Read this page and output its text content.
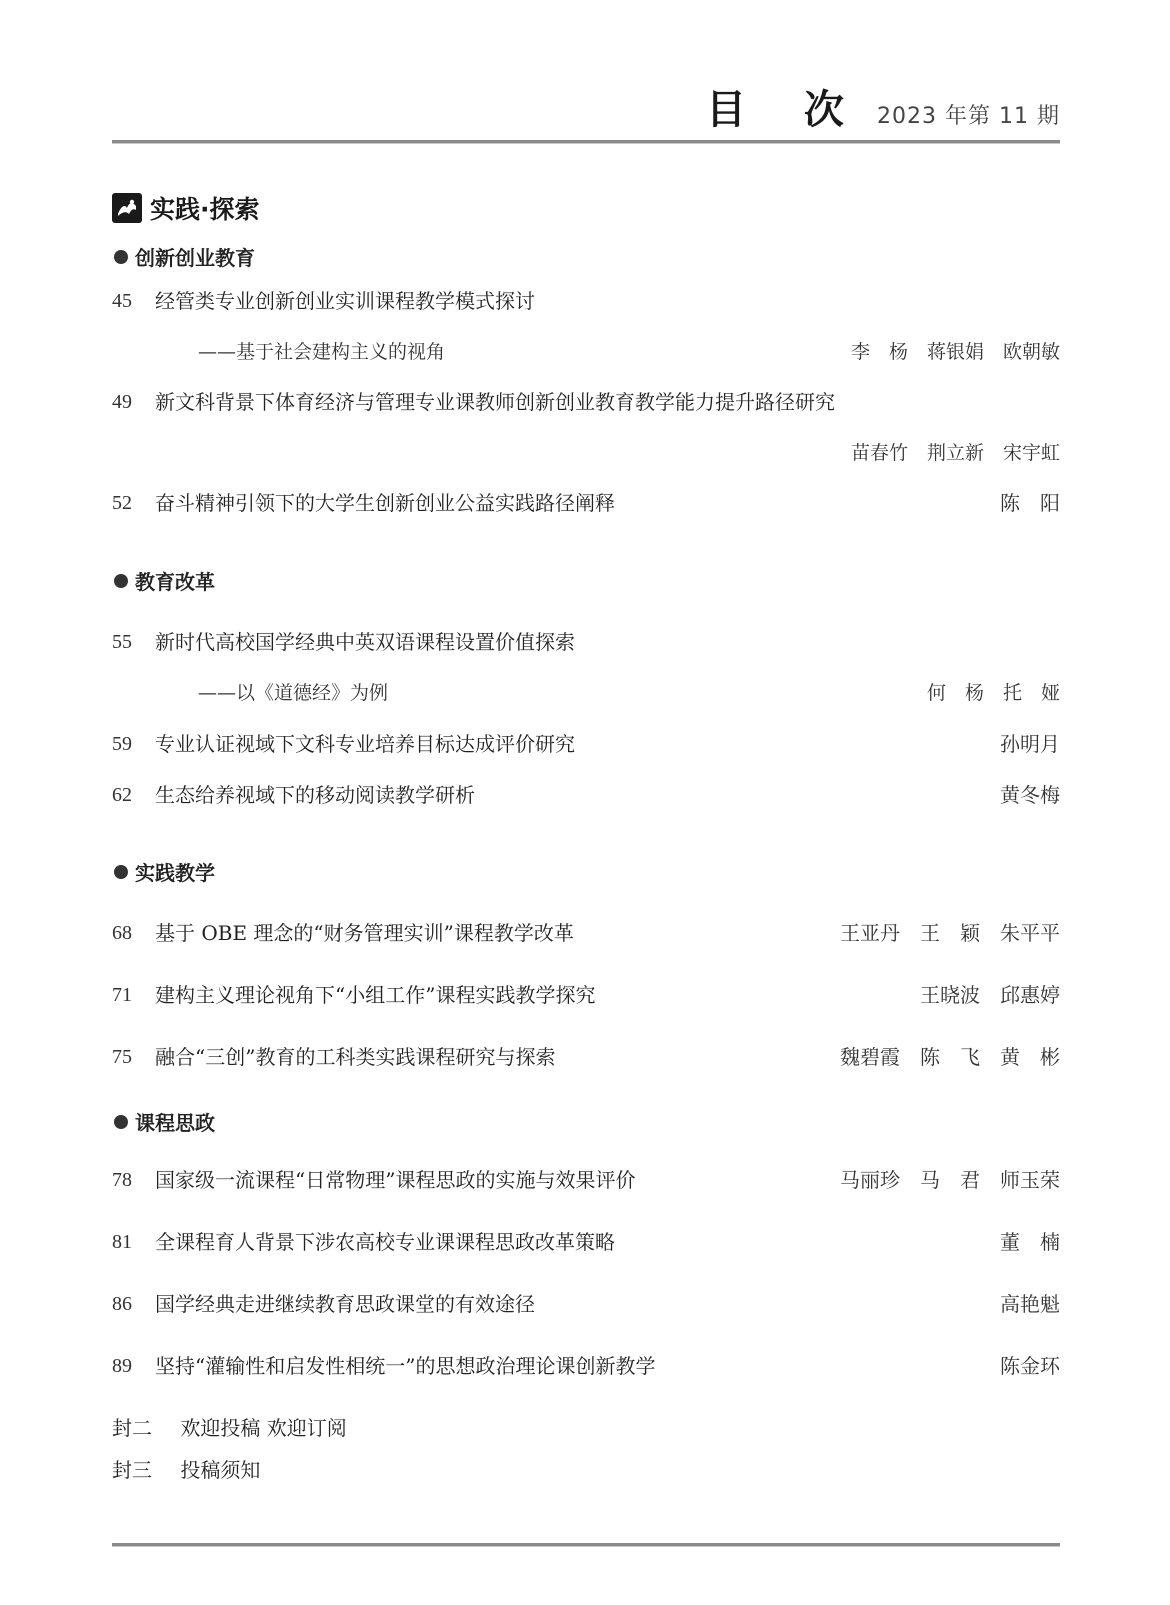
目 次 2023 年第 11 期
实践·探索
创新创业教育
45 经管类专业创新创业实训课程教学模式探讨
——基于社会建构主义的视角	李　杨　蒋银娟　欧朝敏
49 新文科背景下体育经济与管理专业课教师创新创业教育教学能力提升路径研究
苗春竹　荆立新　宋宇虹
52 奋斗精神引领下的大学生创新创业公益实践路径阐释	陈　阳
教育改革
55 新时代高校国学经典中英双语课程设置价值探索
——以《道德经》为例	何　杨　托　娅
59 专业认证视域下文科专业培养目标达成评价研究	孙明月
62 生态给养视域下的移动阅读教学研析	黄冬梅
实践教学
68 基于 OBE 理念的“财务管理实训”课程教学改革	王亚丹　王　颖　朱平平
71 建构主义理论视角下“小组工作”课程实践教学探究	王晓波　邱惠婷
75 融合“三创”教育的工科类实践课程研究与探索	魏碧霞　陈　飞　黄　彬
课程思政
78 国家级一流课程“日常物理”课程思政的实施与效果评价	马丽珍　马　君　师玉荣
81 全课程育人背景下涉农高校专业课课程思政改革策略	董　楠
86 国学经典走进继续教育思政课堂的有效途径	高艳魁
89 坚持“灌输性和启发性相统一”的思想政治理论课创新教学	陈金环
封二 欢迎投稿 欢迎订阅
封三 投稿须知
